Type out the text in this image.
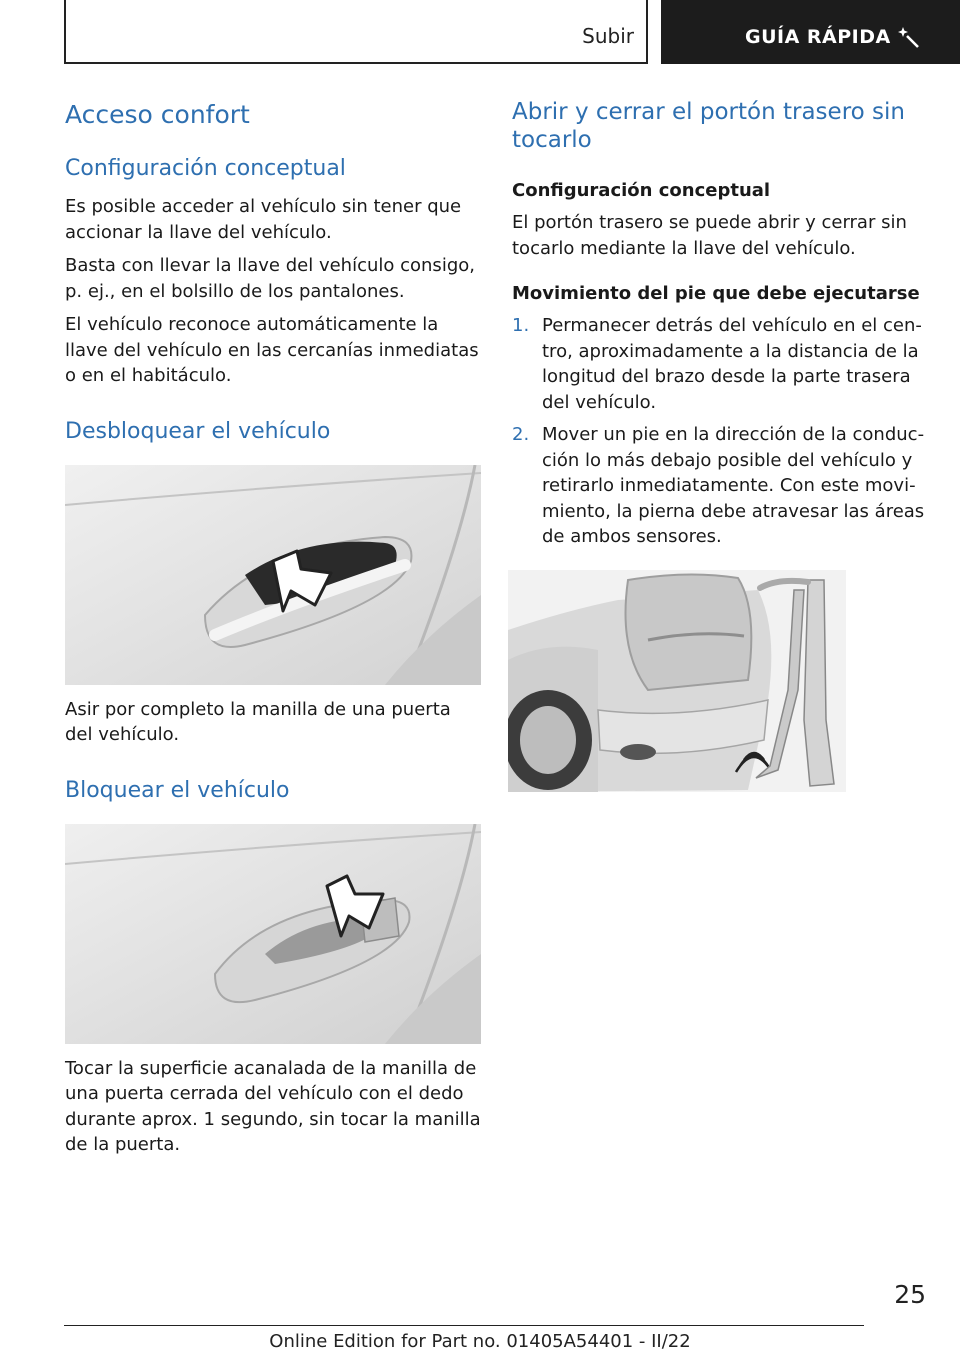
Subir	GUÍA RÁPIDA
Acceso confort
Configuración conceptual

Es posible acceder al vehículo sin tener que accionar la llave del vehículo.

Basta con llevar la llave del vehículo consigo, p. ej., en el bolsillo de los pantalones.

El vehículo reconoce automáticamente la llave del vehículo en las cercanías inmediatas o en el habitáculo.

Desbloquear el vehículo

Asir por completo la manilla de una puerta del vehículo.

Bloquear el vehículo

Tocar la superficie acanalada de la manilla de una puerta cerrada del vehículo con el dedo durante aprox. 1 segundo, sin tocar la manilla de la puerta.

Abrir y cerrar el portón trasero sin tocarlo
Configuración conceptual

El portón trasero se puede abrir y cerrar sin tocarlo mediante la llave del vehículo.

Movimiento del pie que debe ejecutarse
1. Permanecer detrás del vehículo en el centro, aproximadamente a la distancia de la longitud del brazo desde la parte trasera del vehículo.
2. Mover un pie en la dirección de la conducción lo más debajo posible del vehículo y retirarlo inmediatamente. Con este movimiento, la pierna debe atravesar las áreas de ambos sensores.
25
Online Edition for Part no. 01405A54401 - II/22
